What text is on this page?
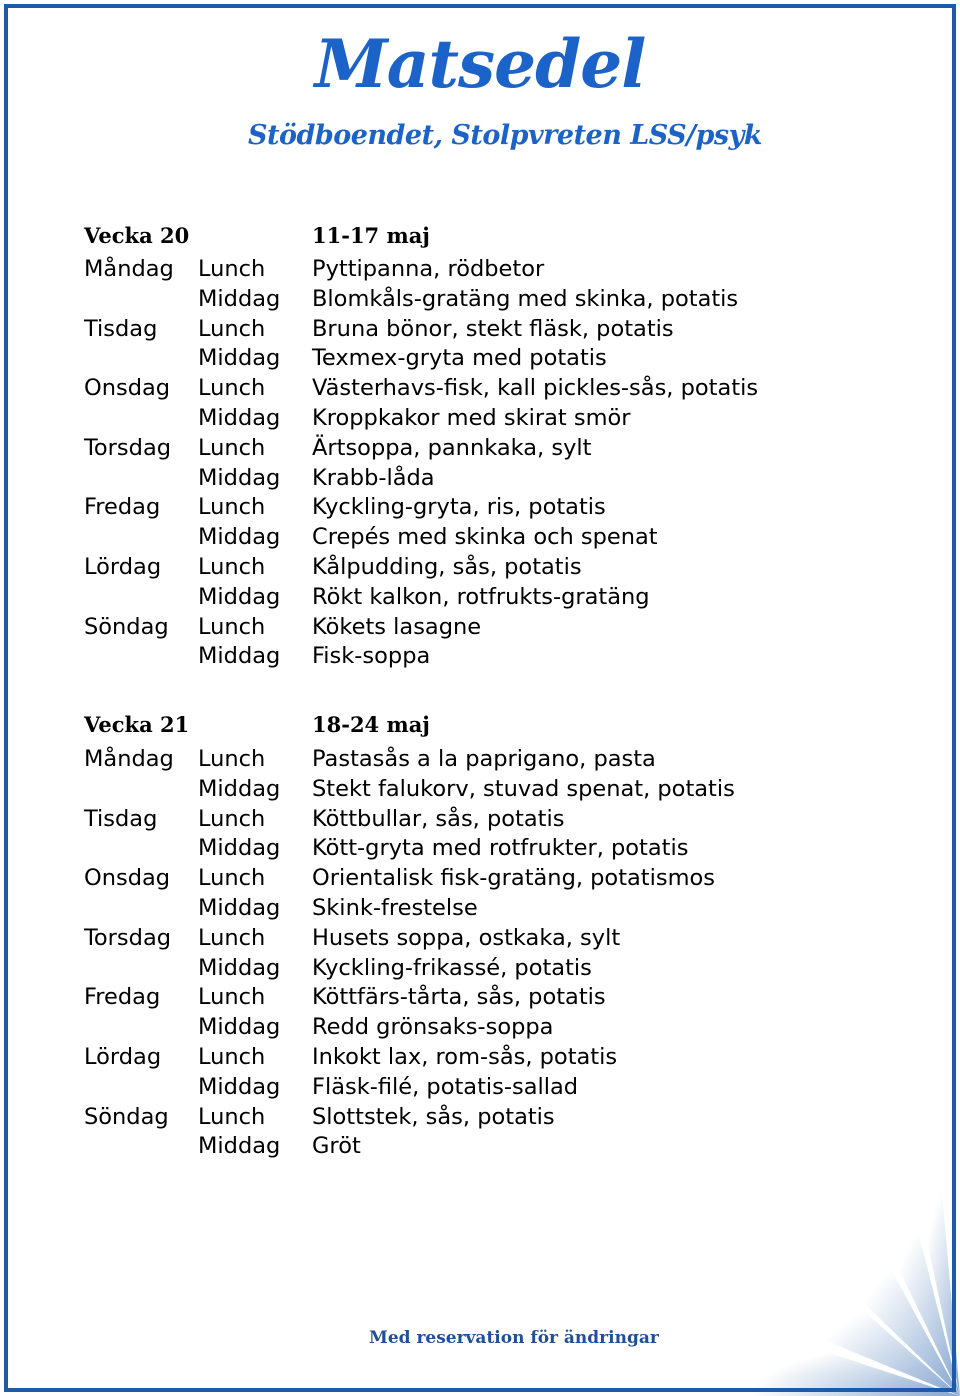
Matsedel
Stödboendet, Stolpvreten LSS/psyk
Vecka 20	11-17 maj
Måndag Lunch Pyttipanna, rödbetor
Middag Blomkåls-gratäng med skinka, potatis
Tisdag Lunch Bruna bönor, stekt fläsk, potatis
Middag Texmex-gryta med potatis
Onsdag Lunch Västerhavs-fisk, kall pickles-sås, potatis
Middag Kroppkakor med skirat smör
Torsdag Lunch Ärtsoppa, pannkaka, sylt
Middag Krabb-låda
Fredag Lunch Kyckling-gryta, ris, potatis
Middag Crepés med skinka och spenat
Lördag Lunch Kålpudding, sås, potatis
Middag Rökt kalkon, rotfrukts-gratäng
Söndag Lunch Kökets lasagne
Middag Fisk-soppa
Vecka 21	18-24 maj
Måndag Lunch Pastasås a la paprigano, pasta
Middag Stekt falukorv, stuvad spenat, potatis
Tisdag Lunch Köttbullar, sås, potatis
Middag Kött-gryta med rotfrukter, potatis
Onsdag Lunch Orientalisk fisk-gratäng, potatismos
Middag Skink-frestelse
Torsdag Lunch Husets soppa, ostkaka, sylt
Middag Kyckling-frikassé, potatis
Fredag Lunch Köttfärs-tårta, sås, potatis
Middag Redd grönsaks-soppa
Lördag Lunch Inkokt lax, rom-sås, potatis
Middag Fläsk-filé, potatis-sallad
Söndag Lunch Slottstek, sås, potatis
Middag Gröt
Med reservation för ändringar
